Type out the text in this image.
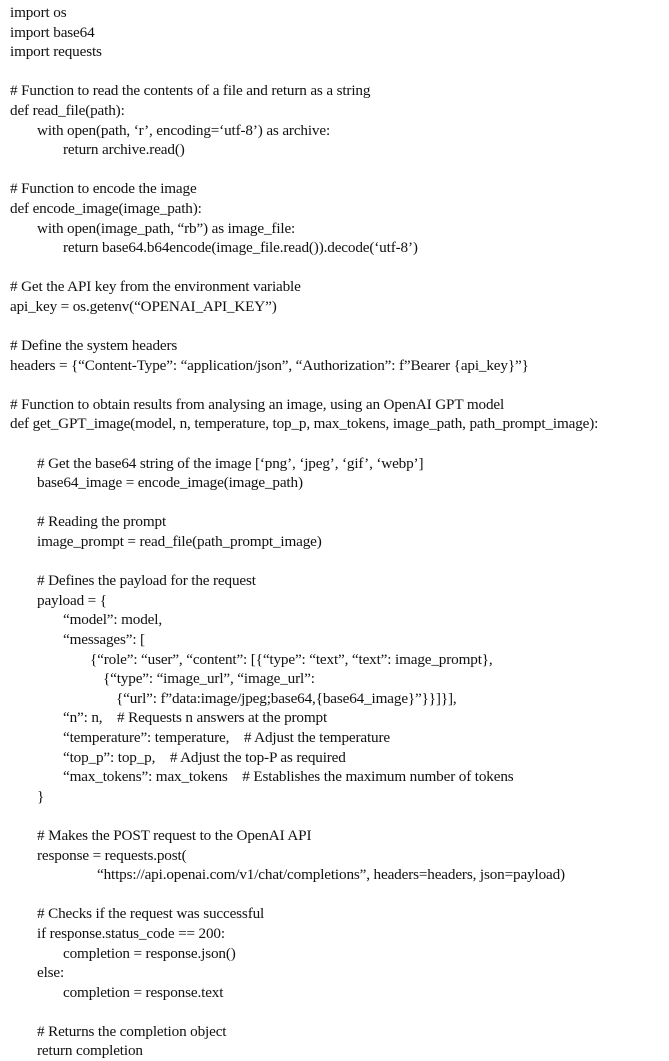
import os
import base64
import requests
# Function to read the contents of a file and return as a string
def read_file(path):
with open(path, ‘r’, encoding=‘utf-8’) as archive:
return archive.read()
# Function to encode the image
def encode_image(image_path):
with open(image_path, “rb”) as image_file:
return base64.b64encode(image_file.read()).decode(‘utf-8’)
# Get the API key from the environment variable
api_key = os.getenv(“OPENAI_API_KEY”)
# Define the system headers
headers = {“Content-Type”: “application/json”, “Authorization”: f”Bearer {api_key}”}
# Function to obtain results from analysing an image, using an OpenAI GPT model
def get_GPT_image(model, n, temperature, top_p, max_tokens, image_path, path_prompt_image):
# Get the base64 string of the image [‘png’, ‘jpeg’, ‘gif’, ‘webp’]
base64_image = encode_image(image_path)
# Reading the prompt
image_prompt = read_file(path_prompt_image)
# Defines the payload for the request
payload = {
“model”: model,
“messages”: [
{“role”: “user”, “content”: [{“type”: “text”, “text”: image_prompt},
{“type”: “image_url”, “image_url”:
{“url”: f”data:image/jpeg;base64,{base64_image}”}}]}],
“n”: n,    # Requests n answers at the prompt
“temperature”: temperature,    # Adjust the temperature
“top_p”: top_p,    # Adjust the top-P as required
“max_tokens”: max_tokens    # Establishes the maximum number of tokens
}
# Makes the POST request to the OpenAI API
response = requests.post(
“https://api.openai.com/v1/chat/completions”, headers=headers, json=payload)
# Checks if the request was successful
if response.status_code == 200:
completion = response.json()
else:
completion = response.text
# Returns the completion object
return completion
